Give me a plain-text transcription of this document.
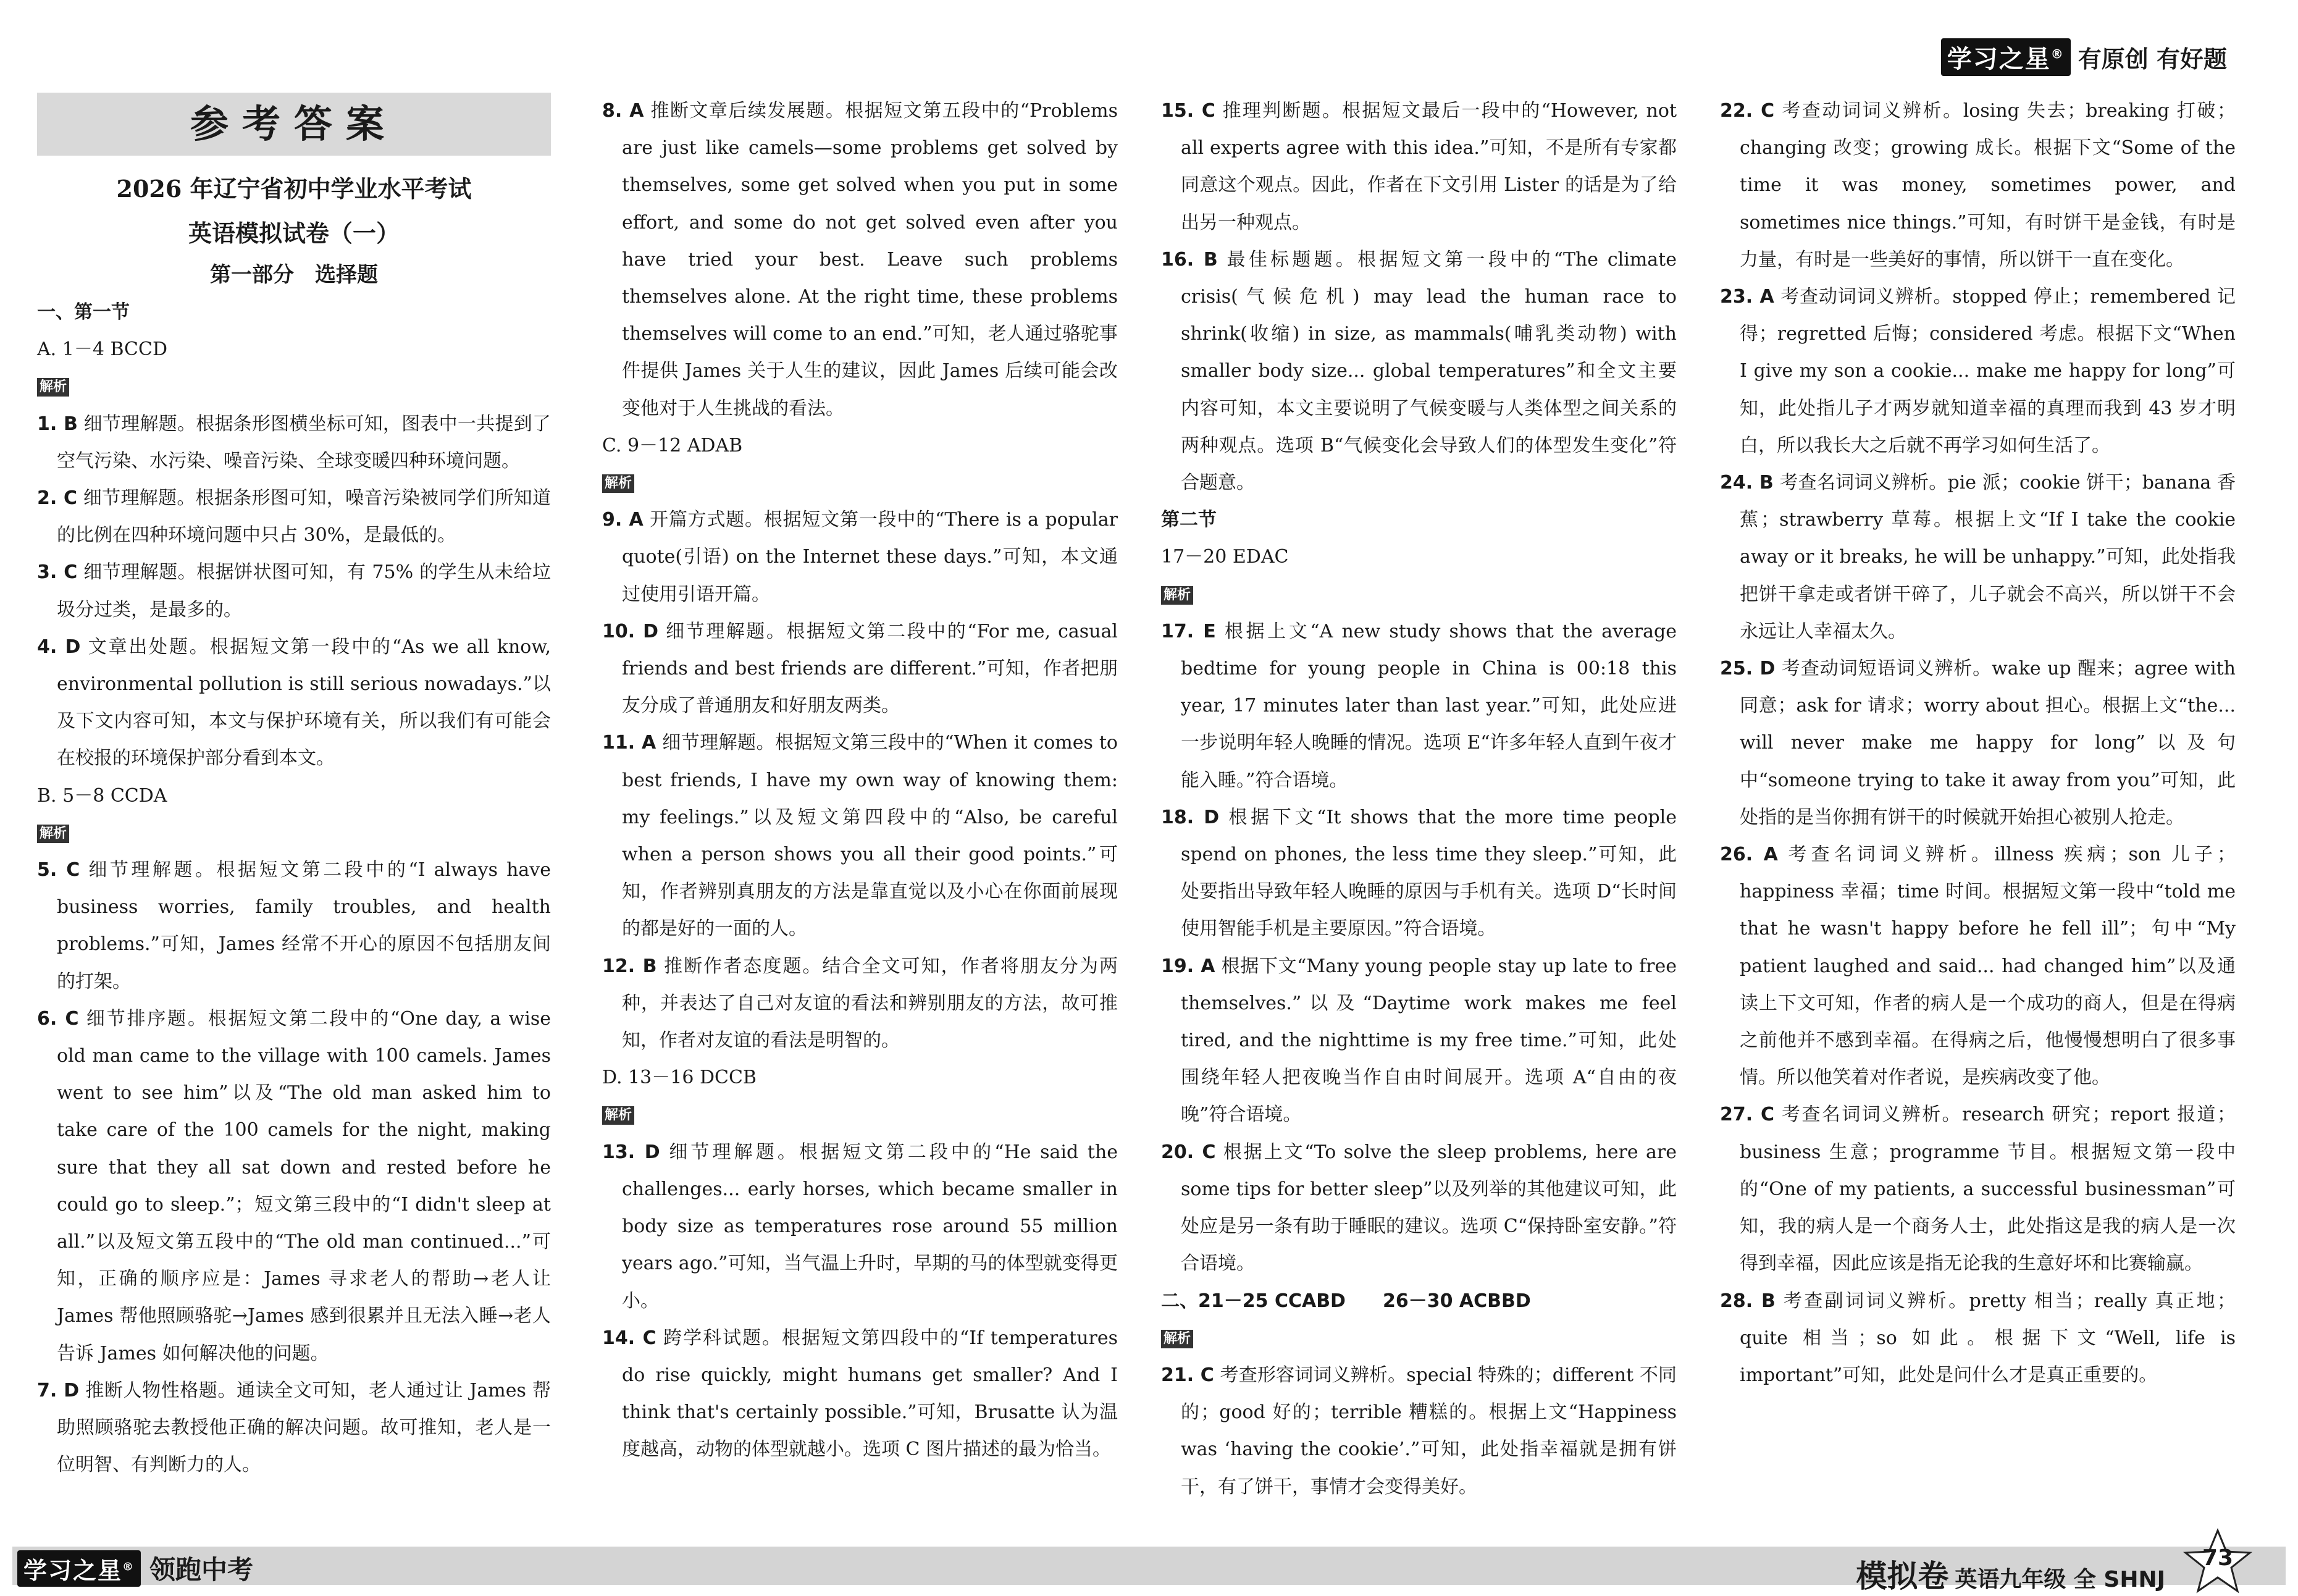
学习之星® 有原创 有好题
参考答案
2026 年辽宁省初中学业水平考试
英语模拟试卷（一）
第一部分　选择题
一、第一节
A. 1－4 BCCD
解析
1. B 细节理解题。根据条形图横坐标可知，图表中一共提到了空气污染、水污染、噪音污染、全球变暖四种环境问题。
2. C 细节理解题。根据条形图可知，噪音污染被同学们所知道的比例在四种环境问题中只占 30%，是最低的。
3. C 细节理解题。根据饼状图可知，有 75% 的学生从未给垃圾分过类，是最多的。
4. D 文章出处题。根据短文第一段中的“As we all know, environmental pollution is still serious nowadays.”以及下文内容可知，本文与保护环境有关，所以我们有可能会在校报的环境保护部分看到本文。
B. 5－8 CCDA
解析
5. C 细节理解题。根据短文第二段中的“I always have business worries, family troubles, and health problems.”可知，James 经常不开心的原因不包括朋友间的打架。
6. C 细节排序题。根据短文第二段中的“One day, a wise old man came to the village with 100 camels. James went to see him”以及“The old man asked him to take care of the 100 camels for the night, making sure that they all sat down and rested before he could go to sleep.”；短文第三段中的“I didn't sleep at all.”以及短文第五段中的“The old man continued...”可知，正确的顺序应是：James 寻求老人的帮助→老人让 James 帮他照顾骆驼→James 感到很累并且无法入睡→老人告诉 James 如何解决他的问题。
7. D 推断人物性格题。通读全文可知，老人通过让 James 帮助照顾骆驼去教授他正确的解决问题。故可推知，老人是一位明智、有判断力的人。
8. A 推断文章后续发展题。根据短文第五段中的“Problems are just like camels—some problems get solved by themselves, some get solved when you put in some effort, and some do not get solved even after you have tried your best. Leave such problems themselves alone. At the right time, these problems themselves will come to an end.”可知，老人通过骆驼事件提供 James 关于人生的建议，因此 James 后续可能会改变他对于人生挑战的看法。
C. 9－12 ADAB
解析
9. A 开篇方式题。根据短文第一段中的“There is a popular quote(引语) on the Internet these days.”可知，本文通过使用引语开篇。
10. D 细节理解题。根据短文第二段中的“For me, casual friends and best friends are different.”可知，作者把朋友分成了普通朋友和好朋友两类。
11. A 细节理解题。根据短文第三段中的“When it comes to best friends, I have my own way of knowing them: my feelings.”以及短文第四段中的“Also, be careful when a person shows you all their good points.”可知，作者辨别真朋友的方法是靠直觉以及小心在你面前展现的都是好的一面的人。
12. B 推断作者态度题。结合全文可知，作者将朋友分为两种，并表达了自己对友谊的看法和辨别朋友的方法，故可推知，作者对友谊的看法是明智的。
D. 13－16 DCCB
解析
13. D 细节理解题。根据短文第二段中的“He said the challenges... early horses, which became smaller in body size as temperatures rose around 55 million years ago.”可知，当气温上升时，早期的马的体型就变得更小。
14. C 跨学科试题。根据短文第四段中的“If temperatures do rise quickly, might humans get smaller? And I think that's certainly possible.”可知，Brusatte 认为温度越高，动物的体型就越小。选项 C 图片描述的最为恰当。
15. C 推理判断题。根据短文最后一段中的“However, not all experts agree with this idea.”可知，不是所有专家都同意这个观点。因此，作者在下文引用 Lister 的话是为了给出另一种观点。
16. B 最佳标题题。根据短文第一段中的“The climate crisis(气候危机) may lead the human race to shrink(收缩) in size, as mammals(哺乳类动物) with smaller body size... global temperatures”和全文主要内容可知，本文主要说明了气候变暖与人类体型之间关系的两种观点。选项 B“气候变化会导致人们的体型发生变化”符合题意。
第二节
17－20 EDAC
解析
17. E 根据上文“A new study shows that the average bedtime for young people in China is 00:18 this year, 17 minutes later than last year.”可知，此处应进一步说明年轻人晚睡的情况。选项 E“许多年轻人直到午夜才能入睡。”符合语境。
18. D 根据下文“It shows that the more time people spend on phones, the less time they sleep.”可知，此处要指出导致年轻人晚睡的原因与手机有关。选项 D“长时间使用智能手机是主要原因。”符合语境。
19. A 根据下文“Many young people stay up late to free themselves.”以及“Daytime work makes me feel tired, and the nighttime is my free time.”可知，此处围绕年轻人把夜晚当作自由时间展开。选项 A“自由的夜晚”符合语境。
20. C 根据上文“To solve the sleep problems, here are some tips for better sleep”以及列举的其他建议可知，此处应是另一条有助于睡眠的建议。选项 C“保持卧室安静。”符合语境。
二、21－25 CCABD　　26－30 ACBBD
解析
21. C 考查形容词词义辨析。special 特殊的；different 不同的；good 好的；terrible 糟糕的。根据上文“Happiness was ‘having the cookie’.”可知，此处指幸福就是拥有饼干，有了饼干，事情才会变得美好。
22. C 考查动词词义辨析。losing 失去；breaking 打破；changing 改变；growing 成长。根据下文“Some of the time it was money, sometimes power, and sometimes nice things.”可知，有时饼干是金钱，有时是力量，有时是一些美好的事情，所以饼干一直在变化。
23. A 考查动词词义辨析。stopped 停止；remembered 记得；regretted 后悔；considered 考虑。根据下文“When I give my son a cookie... make me happy for long”可知，此处指儿子才两岁就知道幸福的真理而我到 43 岁才明白，所以我长大之后就不再学习如何生活了。
24. B 考查名词词义辨析。pie 派；cookie 饼干；banana 香蕉；strawberry 草莓。根据上文“If I take the cookie away or it breaks, he will be unhappy.”可知，此处指我把饼干拿走或者饼干碎了，儿子就会不高兴，所以饼干不会永远让人幸福太久。
25. D 考查动词短语词义辨析。wake up 醒来；agree with 同意；ask for 请求；worry about 担心。根据上文“the... will never make me happy for long”以及句中“someone trying to take it away from you”可知，此处指的是当你拥有饼干的时候就开始担心被别人抢走。
26. A 考查名词词义辨析。illness 疾病；son 儿子；happiness 幸福；time 时间。根据短文第一段中“told me that he wasn't happy before he fell ill”；句中“My patient laughed and said... had changed him”以及通读上下文可知，作者的病人是一个成功的商人，但是在得病之前他并不感到幸福。在得病之后，他慢慢想明白了很多事情。所以他笑着对作者说，是疾病改变了他。
27. C 考查名词词义辨析。research 研究；report 报道；business 生意；programme 节目。根据短文第一段中的“One of my patients, a successful businessman”可知，我的病人是一个商务人士，此处指这是我的病人是一次得到幸福，因此应该是指无论我的生意好坏和比赛输赢。
28. B 考查副词词义辨析。pretty 相当；really 真正地；quite 相当；so 如此。根据下文“Well, life is important”可知，此处是问什么才是真正重要的。
学习之星® 领跑中考	模拟卷 英语九年级 全 SHNJ
73
